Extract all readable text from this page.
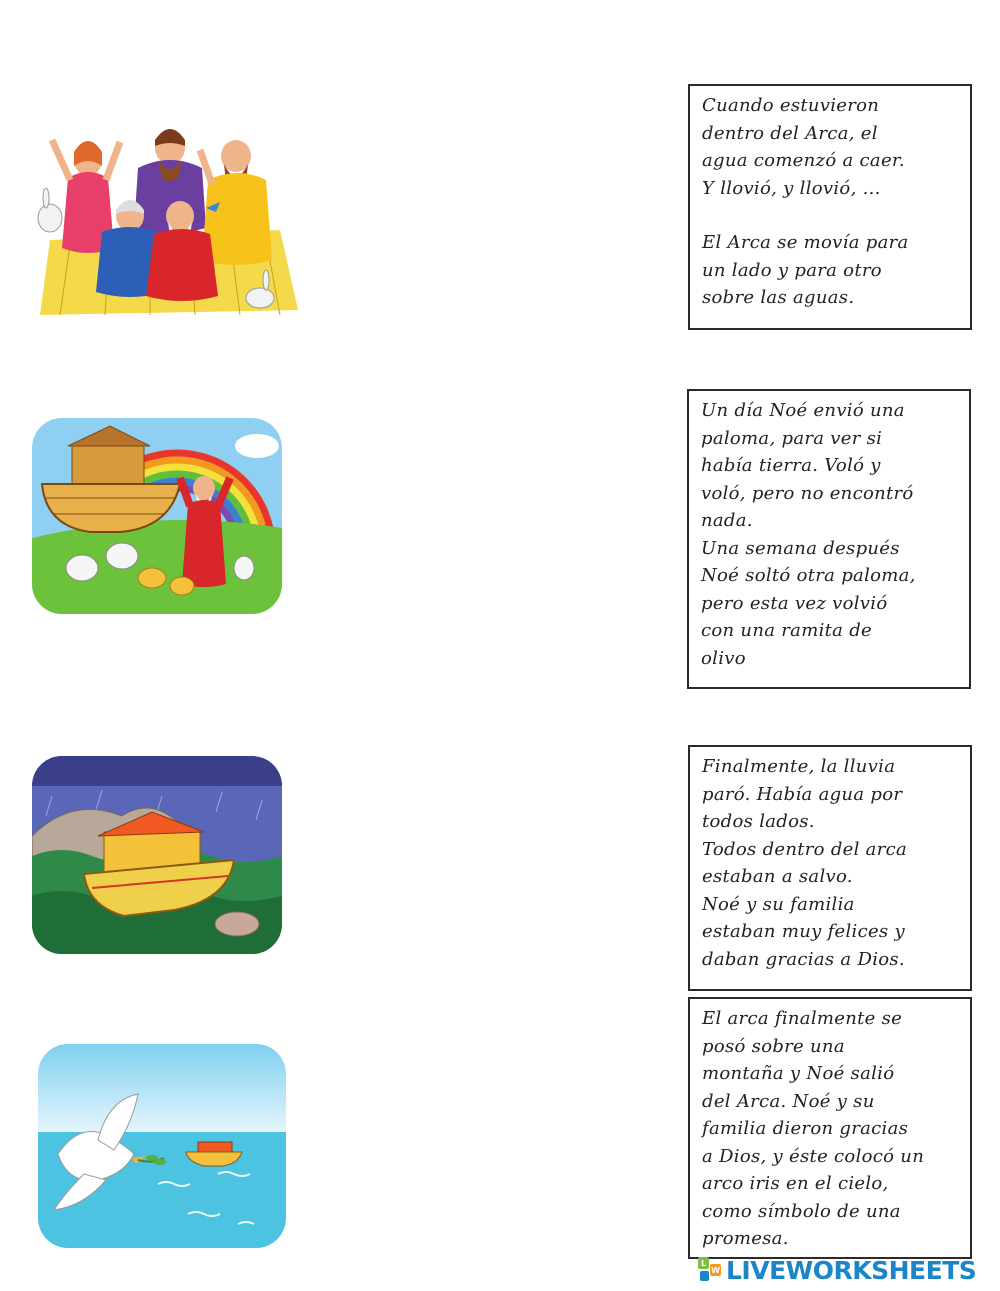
Cuando estuvieron
dentro del Arca, el
agua comenzó a caer.
Y llovió, y llovió, ...
El Arca se movía para
un lado y para otro
sobre las aguas.
Un día Noé envió una
paloma, para ver si
había tierra. Voló y
voló, pero no encontró
nada.
Una semana después
Noé soltó otra paloma,
pero esta vez volvió
con una ramita de
olivo
Finalmente, la lluvia
paró. Había agua por
todos lados.
Todos dentro del arca
estaban a salvo.
Noé y su familia
estaban muy felices y
daban gracias a Dios.
El arca finalmente se
posó sobre una
montaña y Noé salió
del Arca. Noé y su
familia dieron gracias
a Dios, y éste colocó un
arco iris en el cielo,
como símbolo de una
promesa.
L
W LIVEWORKSHEETS
